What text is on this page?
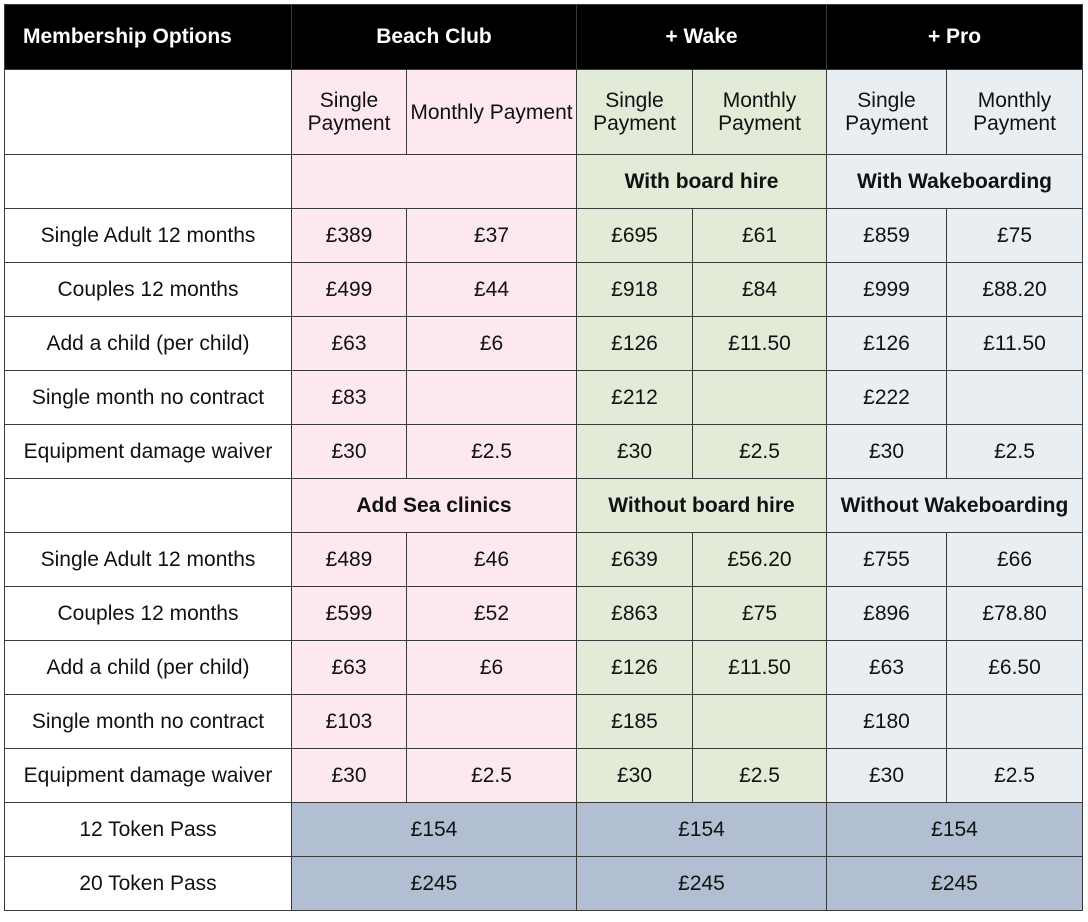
Membership Options	Beach Club		+ Wake		+ Pro	
	Single Payment	Monthly Payment	Single Payment	Monthly Payment	Single Payment	Monthly Payment
			With board hire		With Wakeboarding	
Single Adult 12 months	£389	£37	£695	£61	£859	£75
Couples 12 months	£499	£44	£918	£84	£999	£88.20
Add a child (per child)	£63	£6	£126	£11.50	£126	£11.50
Single month no contract	£83		£212		£222	
Equipment damage waiver	£30	£2.5	£30	£2.5	£30	£2.5
	Add Sea clinics		Without board hire		Without Wakeboarding	
Single Adult 12 months	£489	£46	£639	£56.20	£755	£66
Couples 12 months	£599	£52	£863	£75	£896	£78.80
Add a child (per child)	£63	£6	£126	£11.50	£63	£6.50
Single month no contract	£103		£185		£180	
Equipment damage waiver	£30	£2.5	£30	£2.5	£30	£2.5
12 Token Pass	£154		£154		£154	
20 Token Pass	£245		£245		£245	
